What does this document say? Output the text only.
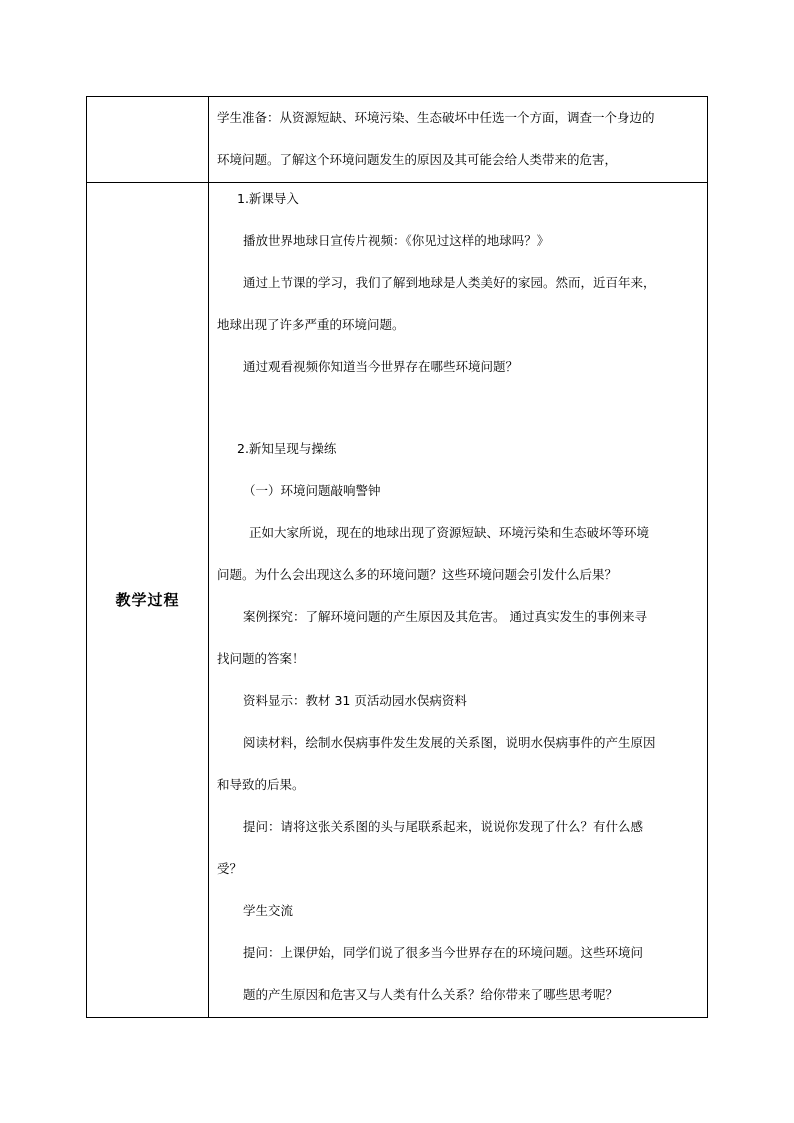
学生准备：从资源短缺、环境污染、生态破坏中任选一个方面，调查一个身边的
环境问题。了解这个环境问题发生的原因及其可能会给人类带来的危害，
教学过程
1.新课导入
播放世界地球日宣传片视频：《你见过这样的地球吗？》
通过上节课的学习，我们了解到地球是人类美好的家园。然而，近百年来，
地球出现了许多严重的环境问题。
通过观看视频你知道当今世界存在哪些环境问题？
2.新知呈现与操练
（一）环境问题敲响警钟
正如大家所说，现在的地球出现了资源短缺、环境污染和生态破坏等环境
问题。为什么会出现这么多的环境问题？这些环境问题会引发什么后果？
案例探究：了解环境问题的产生原因及其危害。 通过真实发生的事例来寻
找问题的答案！
资料显示：教材 31 页活动园水俣病资料
阅读材料，绘制水俣病事件发生发展的关系图，说明水俣病事件的产生原因
和导致的后果。
提问：请将这张关系图的头与尾联系起来，说说你发现了什么？有什么感
受？
学生交流
提问：上课伊始，同学们说了很多当今世界存在的环境问题。这些环境问
题的产生原因和危害又与人类有什么关系？给你带来了哪些思考呢？
